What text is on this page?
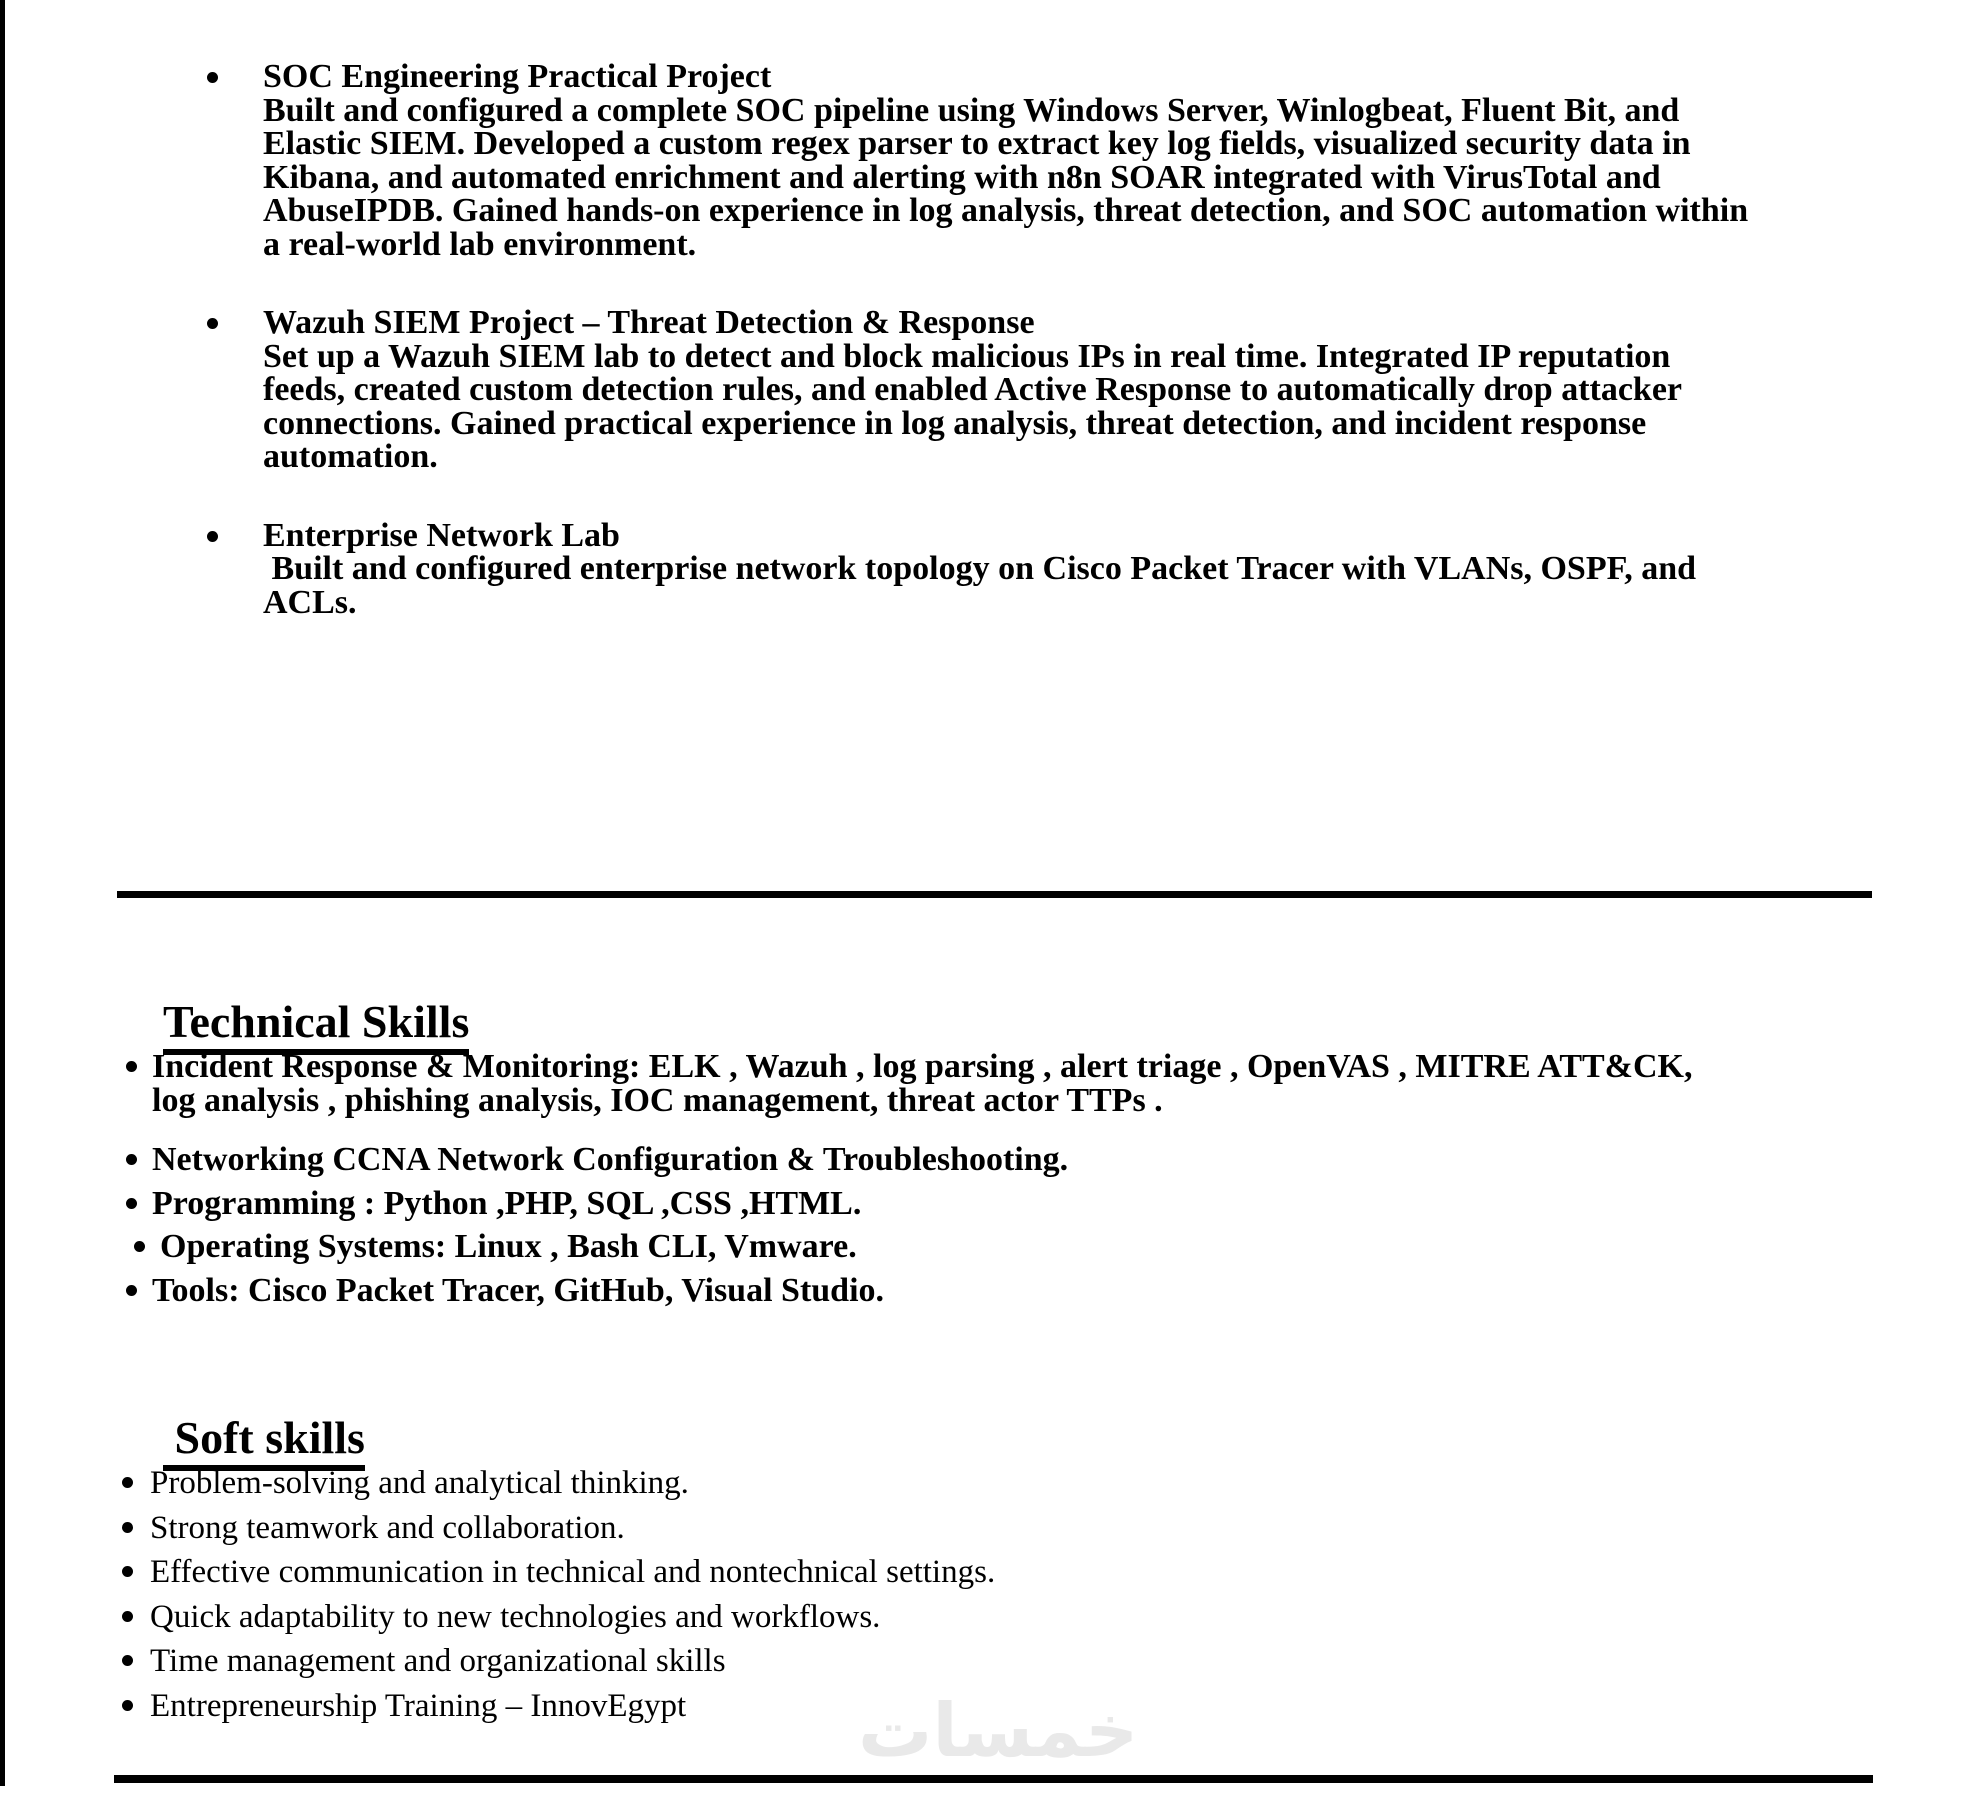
SOC Engineering Practical Project
Built and configured a complete SOC pipeline using Windows Server, Winlogbeat, Fluent Bit, and
Elastic SIEM. Developed a custom regex parser to extract key log fields, visualized security data in
Kibana, and automated enrichment and alerting with n8n SOAR integrated with VirusTotal and
AbuseIPDB. Gained hands-on experience in log analysis, threat detection, and SOC automation within
a real-world lab environment.
Wazuh SIEM Project – Threat Detection & Response
Set up a Wazuh SIEM lab to detect and block malicious IPs in real time. Integrated IP reputation
feeds, created custom detection rules, and enabled Active Response to automatically drop attacker
connections. Gained practical experience in log analysis, threat detection, and incident response
automation.
Enterprise Network Lab
Built and configured enterprise network topology on Cisco Packet Tracer with VLANs, OSPF, and
ACLs.

Technical Skills

Incident Response & Monitoring: ELK , Wazuh , log parsing , alert triage , OpenVAS , MITRE ATT&CK,
log analysis , phishing analysis, IOC management, threat actor TTPs .
Networking CCNA Network Configuration & Troubleshooting.
Programming : Python ,PHP, SQL ,CSS ,HTML.
Operating Systems: Linux , Bash CLI, Vmware.
Tools: Cisco Packet Tracer, GitHub, Visual Studio.

Soft skills

Problem-solving and analytical thinking.
Strong teamwork and collaboration.
Effective communication in technical and nontechnical settings.
Quick adaptability to new technologies and workflows.
Time management and organizational skills
Entrepreneurship Training – InnovEgypt	خمسات
